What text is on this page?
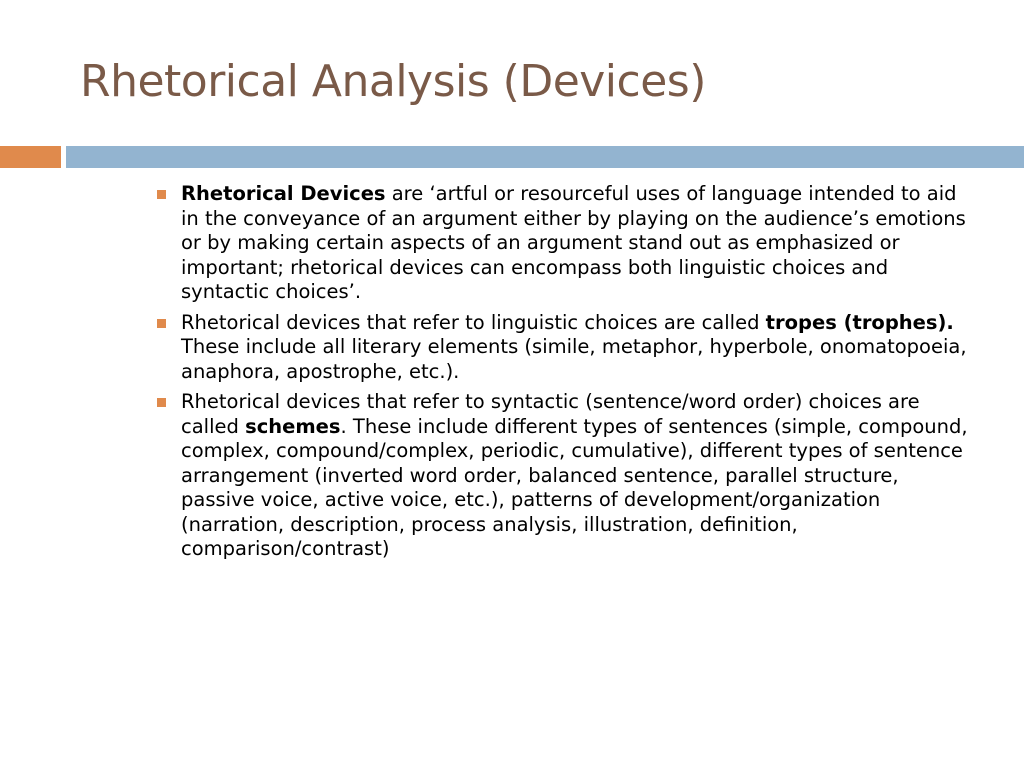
Rhetorical Analysis (Devices)
Rhetorical Devices are ‘artful or resourceful uses of language intended to aid in the conveyance of an argument either by playing on the audience’s emotions or by making certain aspects of an argument stand out as emphasized or important; rhetorical devices can encompass both linguistic choices and syntactic choices’.
Rhetorical devices that refer to linguistic choices are called tropes (trophes). These include all literary elements (simile, metaphor, hyperbole, onomatopoeia, anaphora, apostrophe, etc.).
Rhetorical devices that refer to syntactic (sentence/word order) choices are called schemes. These include different types of sentences (simple, compound, complex, compound/complex, periodic, cumulative), different types of sentence arrangement (inverted word order, balanced sentence, parallel structure, passive voice, active voice, etc.), patterns of development/organization (narration, description, process analysis, illustration, definition, comparison/contrast)
